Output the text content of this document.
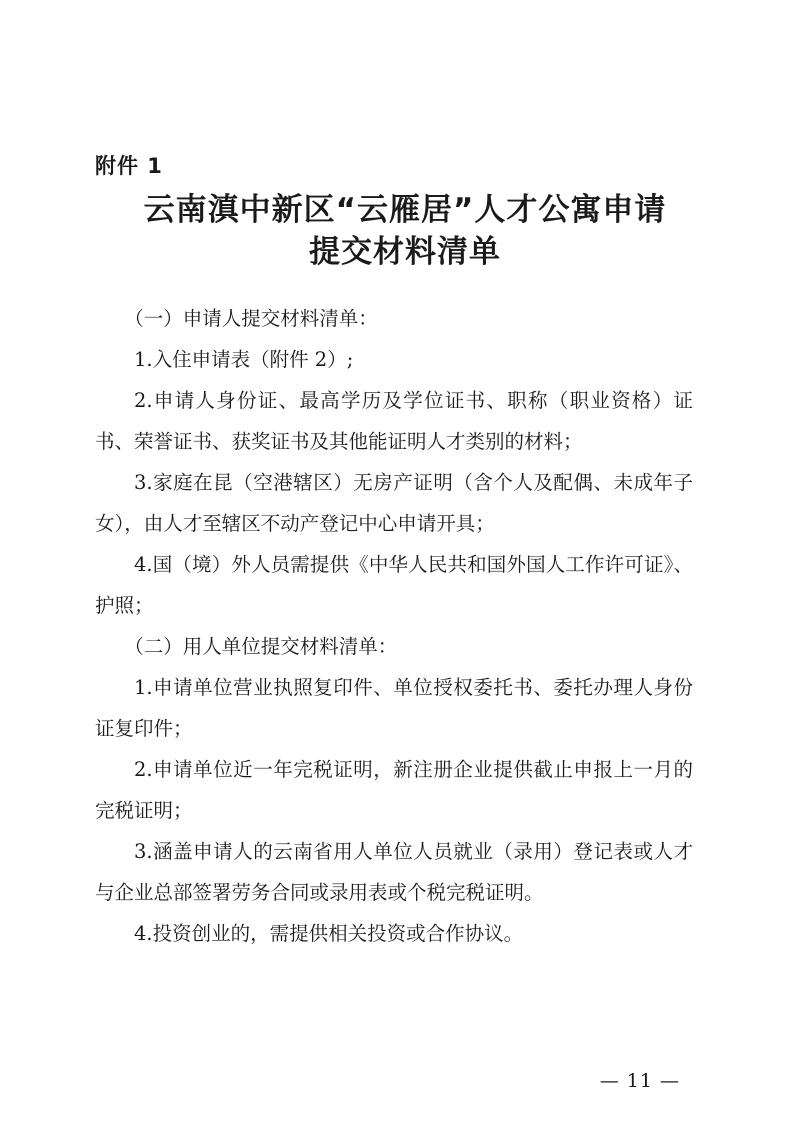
附件 1
云南滇中新区“云雁居”人才公寓申请
提交材料清单

（一）申请人提交材料清单：

1.入住申请表（附件 2）;

2.申请人身份证、最高学历及学位证书、职称（职业资格）证书、荣誉证书、获奖证书及其他能证明人才类别的材料；

3.家庭在昆（空港辖区）无房产证明（含个人及配偶、未成年子女），由人才至辖区不动产登记中心申请开具；

4.国（境）外人员需提供《中华人民共和国外国人工作许可证》、护照；

（二）用人单位提交材料清单：

1.申请单位营业执照复印件、单位授权委托书、委托办理人身份证复印件；

2.申请单位近一年完税证明，新注册企业提供截止申报上一月的完税证明；

3.涵盖申请人的云南省用人单位人员就业（录用）登记表或人才与企业总部签署劳务合同或录用表或个税完税证明。

4.投资创业的，需提供相关投资或合作协议。

— 11 —
